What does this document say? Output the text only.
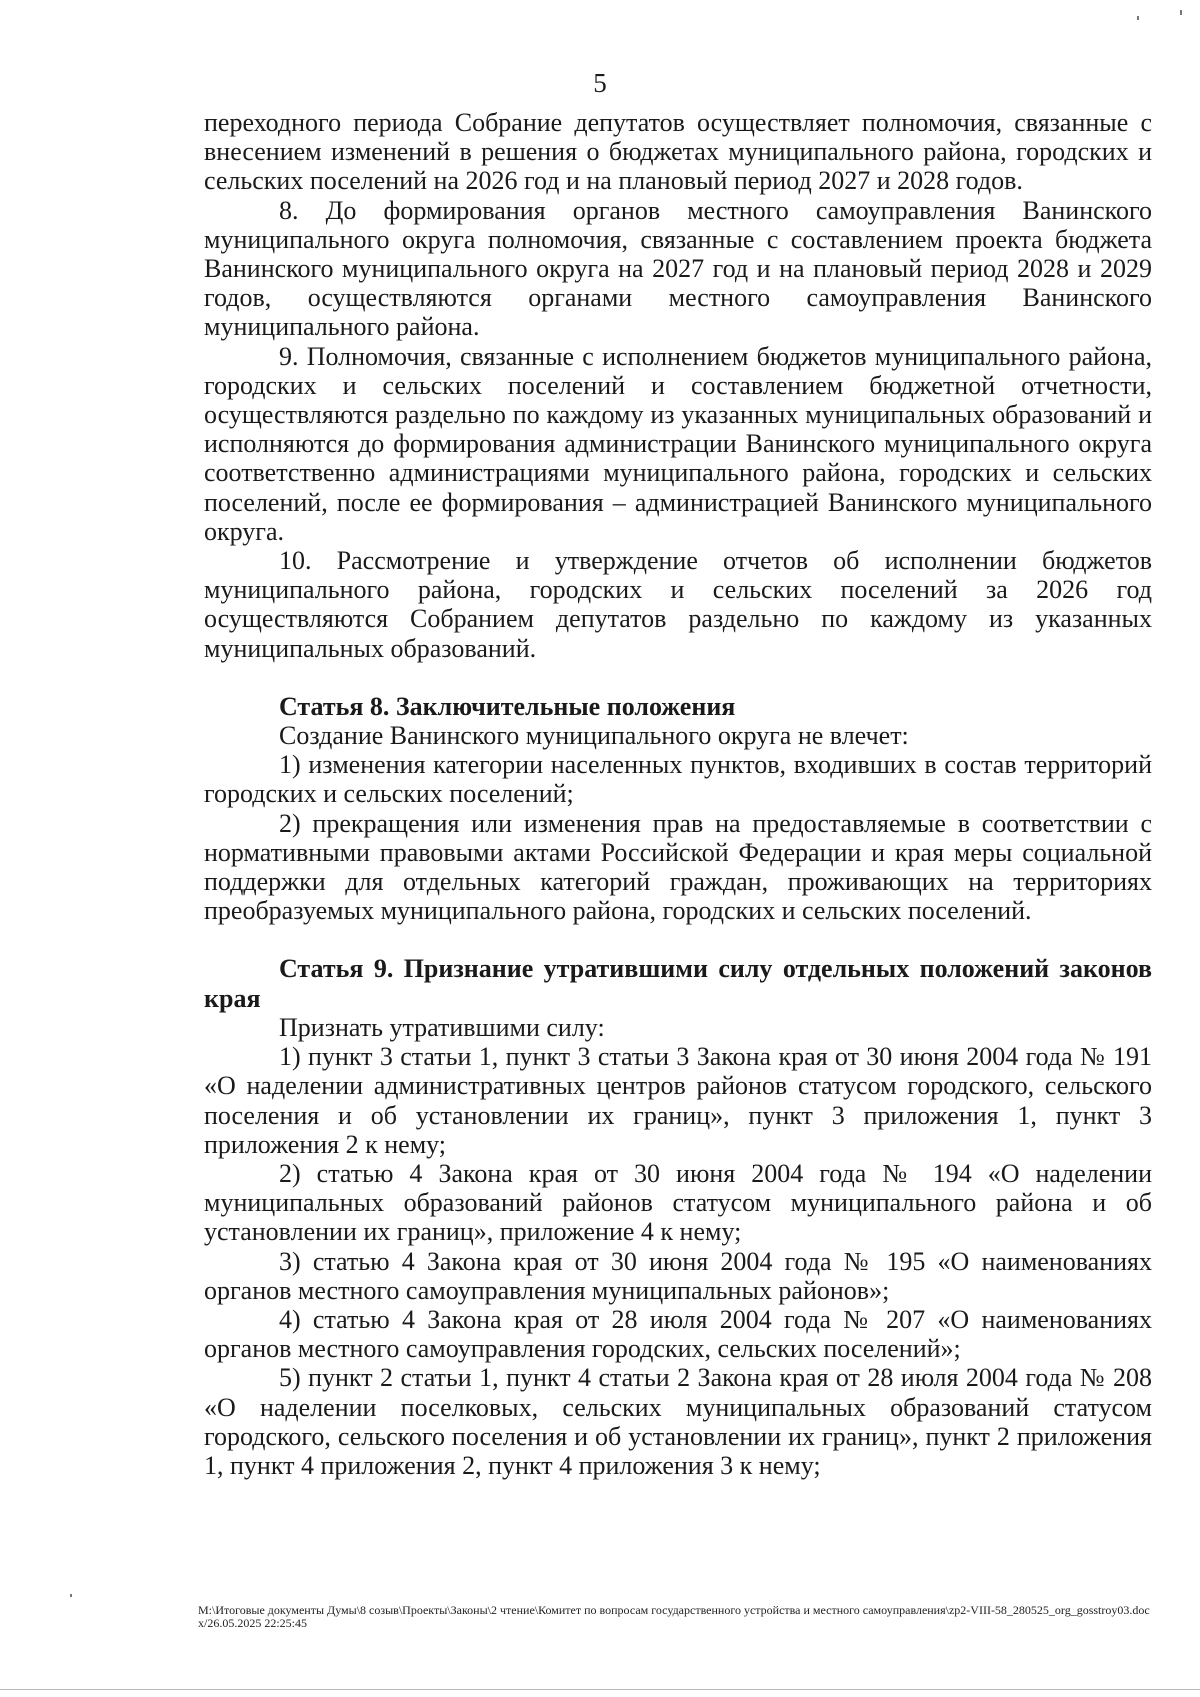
5

переходного периода Собрание депутатов осуществляет полномочия, связанные с внесением изменений в решения о бюджетах муниципального района, городских и сельских поселений на 2026 год и на плановый период 2027 и 2028 годов.

8. До формирования органов местного самоуправления Ванинского муниципального округа полномочия, связанные с составлением проекта бюджета Ванинского муниципального округа на 2027 год и на плановый период 2028 и 2029 годов, осуществляются органами местного самоуправления Ванинского муниципального района.

9. Полномочия, связанные с исполнением бюджетов муниципального района, городских и сельских поселений и составлением бюджетной отчетности, осуществляются раздельно по каждому из указанных муниципальных образований и исполняются до формирования администрации Ванинского муниципального округа соответственно администрациями муниципального района, городских и сельских поселений, после ее формирования – администрацией Ванинского муниципального округа.

10. Рассмотрение и утверждение отчетов об исполнении бюджетов муниципального района, городских и сельских поселений за 2026 год осуществляются Собранием депутатов раздельно по каждому из указанных муниципальных образований.

Статья 8. Заключительные положения

Создание Ванинского муниципального округа не влечет:

1) изменения категории населенных пунктов, входивших в состав территорий городских и сельских поселений;

2) прекращения или изменения прав на предоставляемые в соответствии с нормативными правовыми актами Российской Федерации и края меры социальной поддержки для отдельных категорий граждан, проживающих на территориях преобразуемых муниципального района, городских и сельских поселений.

Статья 9. Признание утратившими силу отдельных положений законов края

Признать утратившими силу:

1) пункт 3 статьи 1, пункт 3 статьи 3 Закона края от 30 июня 2004 года № 191 «О наделении административных центров районов статусом городского, сельского поселения и об установлении их границ», пункт 3 приложения 1, пункт 3 приложения 2 к нему;

2) статью 4 Закона края от 30 июня 2004 года № 194 «О наделении муниципальных образований районов статусом муниципального района и об установлении их границ», приложение 4 к нему;

3) статью 4 Закона края от 30 июня 2004 года № 195 «О наименованиях органов местного самоуправления муниципальных районов»;

4) статью 4 Закона края от 28 июля 2004 года № 207 «О наименованиях органов местного самоуправления городских, сельских поселений»;

5) пункт 2 статьи 1, пункт 4 статьи 2 Закона края от 28 июля 2004 года № 208 «О наделении поселковых, сельских муниципальных образований статусом городского, сельского поселения и об установлении их границ», пункт 2 приложения 1, пункт 4 приложения 2, пункт 4 приложения 3 к нему;

M:\Итоговые документы Думы\8 созыв\Проекты\Законы\2 чтение\Комитет по вопросам государственного устройства и местного самоуправления\zp2-VIII-58_280525_org_gosstroy03.docx/26.05.2025 22:25:45
